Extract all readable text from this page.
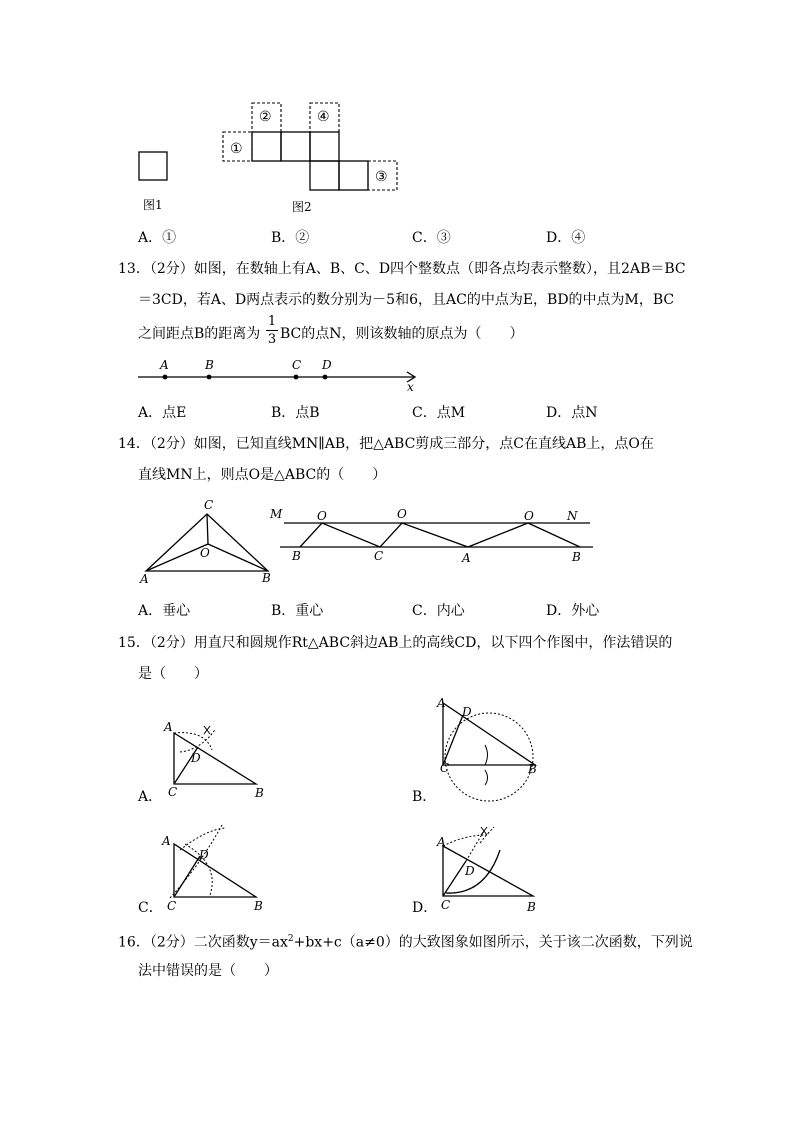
②	④
①
③
图1	图2
A．①	B．②	C．③	D．④
13．（2分）如图，在数轴上有A、B、C、D四个整数点（即各点均表示整数），且2AB＝BC
＝3CD，若A、D两点表示的数分别为－5和6，且AC的中点为E，BD的中点为M，BC
之间距点B的距离为
1
3 BC的点N，则该数轴的原点为（　　）
A	B	C D
x
A．点E	B．点B	C．点M	D．点N
14．（2分）如图，已知直线MN∥AB，把△ABC剪成三部分，点C在直线AB上，点O在
直线MN上，则点O是△ABC的（　　）
C
O
A	B
M	O	O	O	N
B	C	A	B
A．垂心	B．重心	C．内心	D．外心
15．（2分）用直尺和圆规作Rt△ABC斜边AB上的高线CD，以下四个作图中，作法错误的
是（　　）
A
D
C	B
A．
A
D
C	B
B．
A
D
C	B
C．
A
D
C	B
D．
16．（2分）二次函数$y=ax^2+bx+c(a\ne 0)$的大致图象如图所示，关于该二次函数，下列说
法中错误的是（　　）
